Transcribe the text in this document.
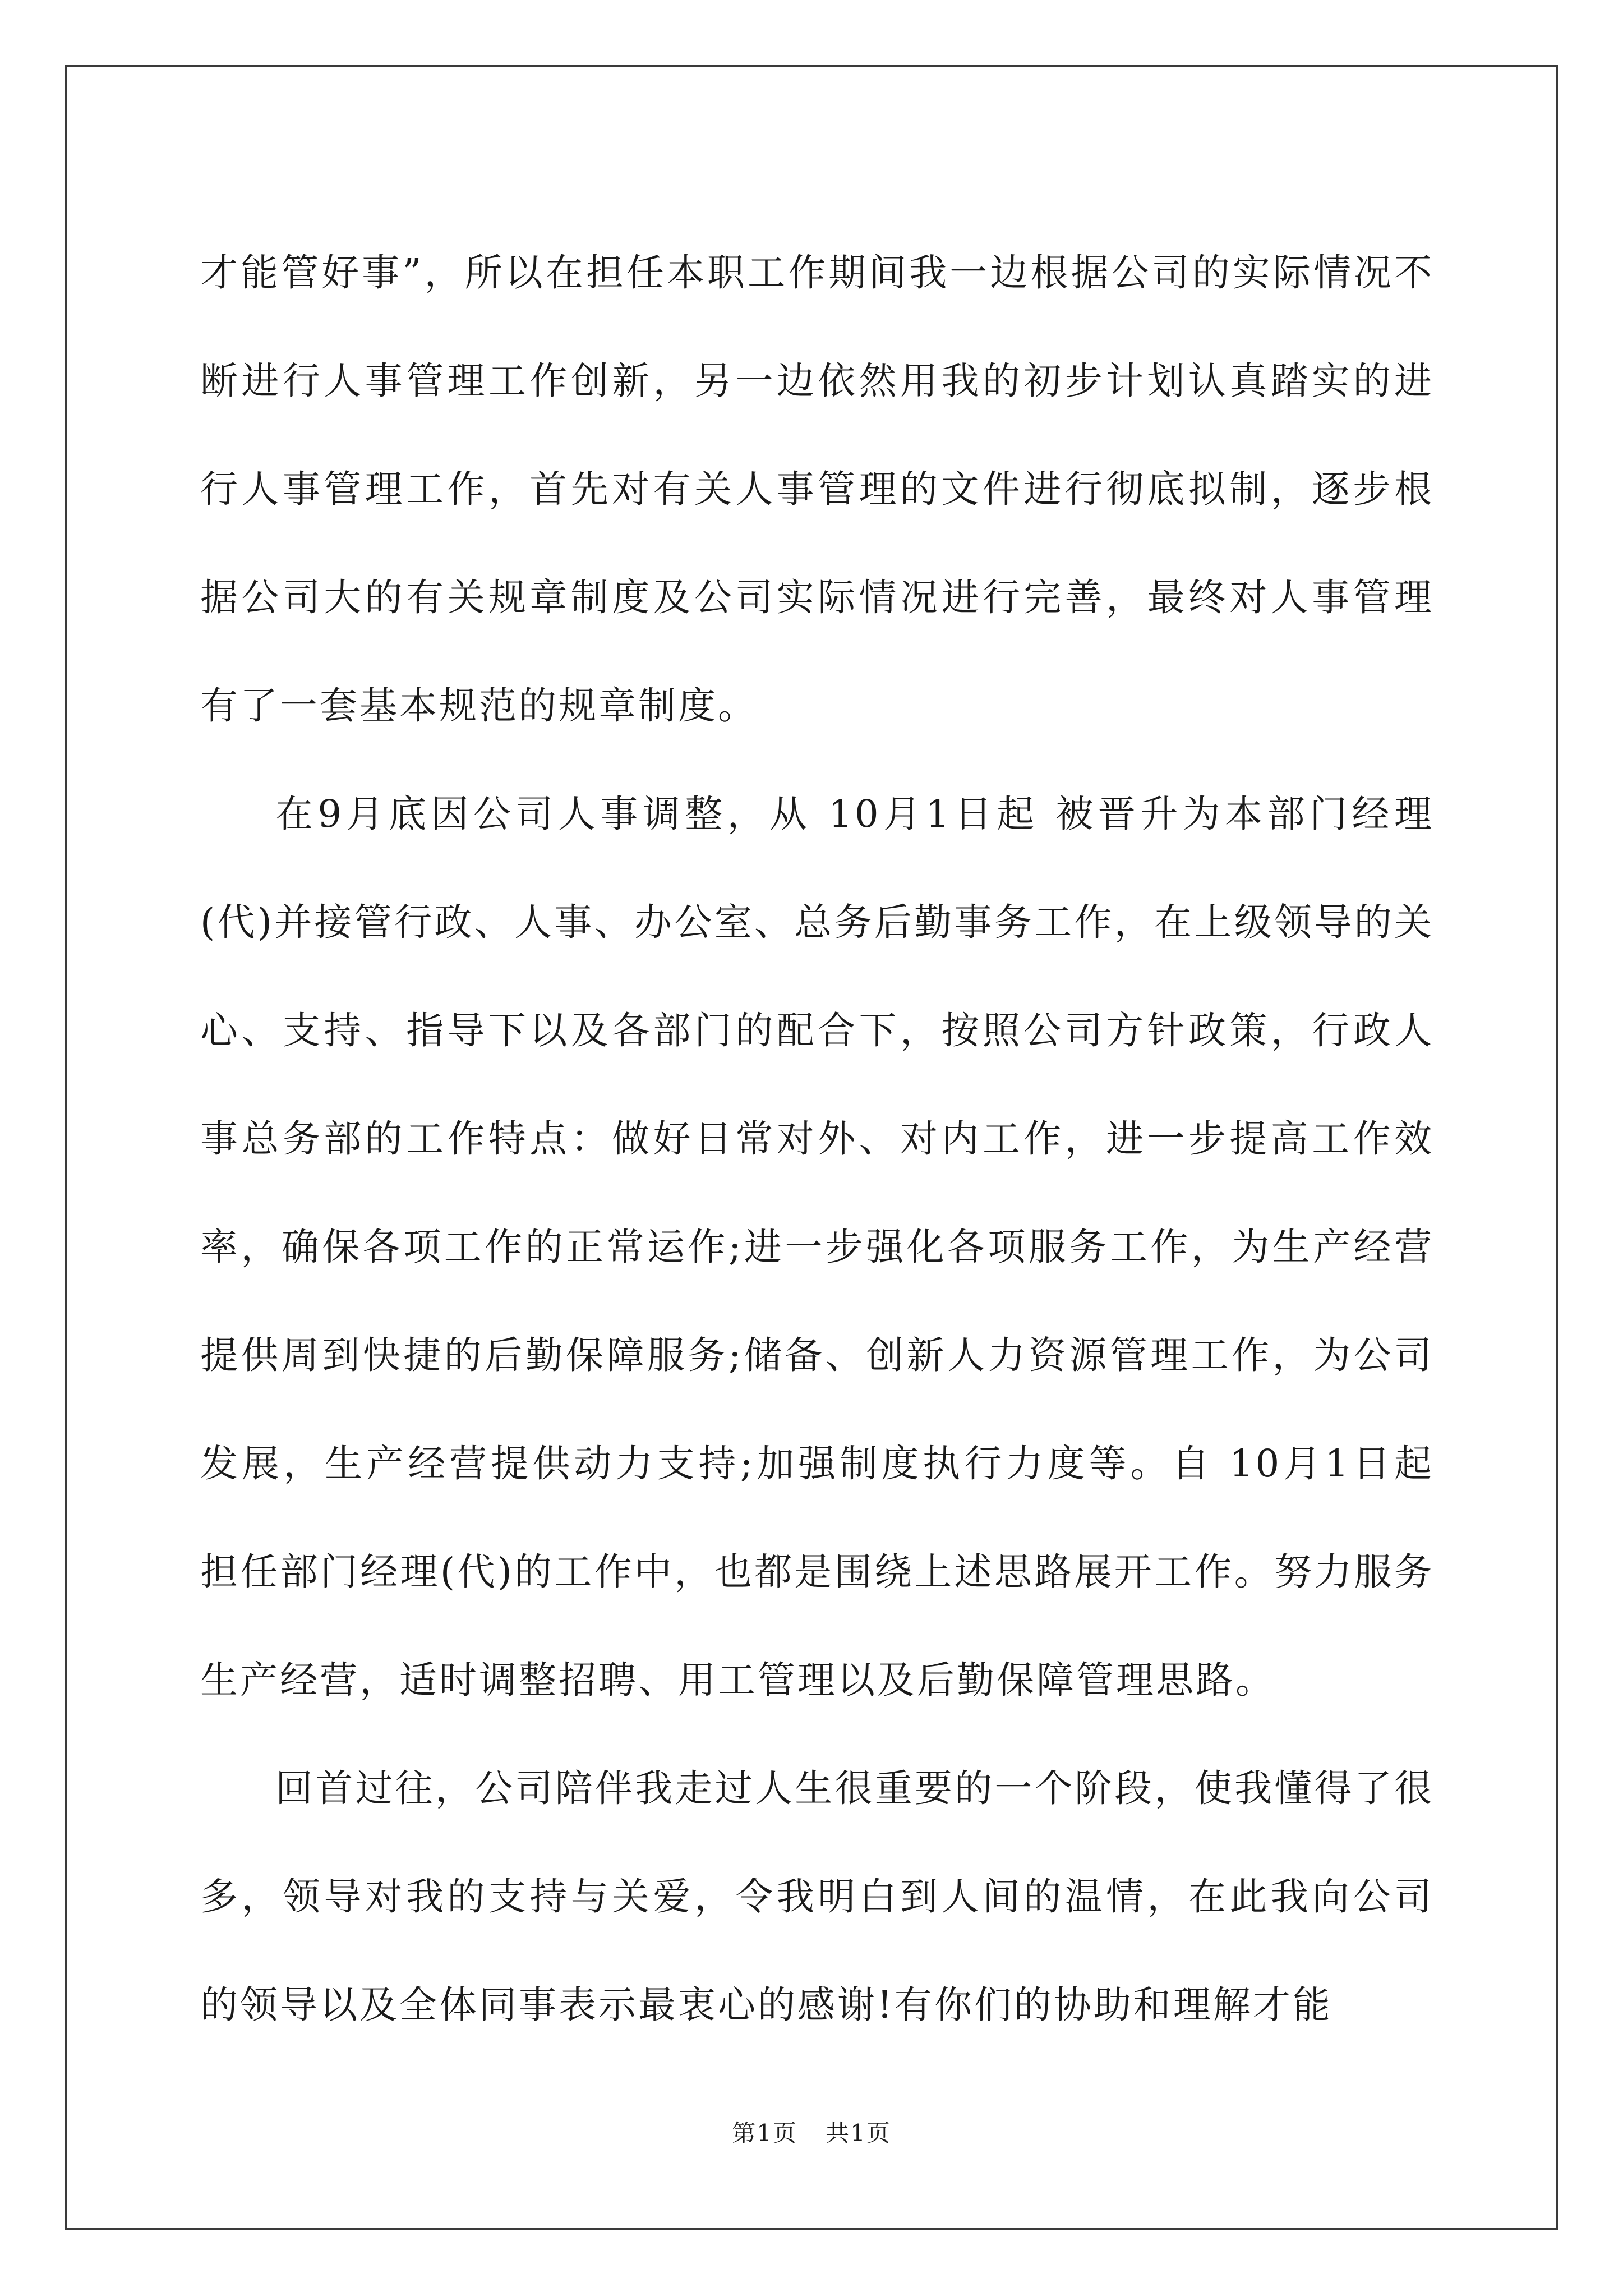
才能管好事”，所以在担任本职工作期间我一边根据公司的实际情况不断进行人事管理工作创新，另一边依然用我的初步计划认真踏实的进行人事管理工作，首先对有关人事管理的文件进行彻底拟制，逐步根据公司大的有关规章制度及公司实际情况进行完善，最终对人事管理有了一套基本规范的规章制度。

在9月底因公司人事调整，从 10月1日起 被晋升为本部门经理(代)并接管行政、人事、办公室、总务后勤事务工作，在上级领导的关心、支持、指导下以及各部门的配合下，按照公司方针政策，行政人事总务部的工作特点：做好日常对外、对内工作，进一步提高工作效率，确保各项工作的正常运作;进一步强化各项服务工作，为生产经营提供周到快捷的后勤保障服务;储备、创新人力资源管理工作，为公司发展，生产经营提供动力支持;加强制度执行力度等。自 10月1日起 担任部门经理(代)的工作中，也都是围绕上述思路展开工作。努力服务生产经营，适时调整招聘、用工管理以及后勤保障管理思路。

回首过往，公司陪伴我走过人生很重要的一个阶段，使我懂得了很多，领导对我的支持与关爱，令我明白到人间的温情，在此我向公司的领导以及全体同事表示最衷心的感谢!有你们的协助和理解才能

第1页 共1页
